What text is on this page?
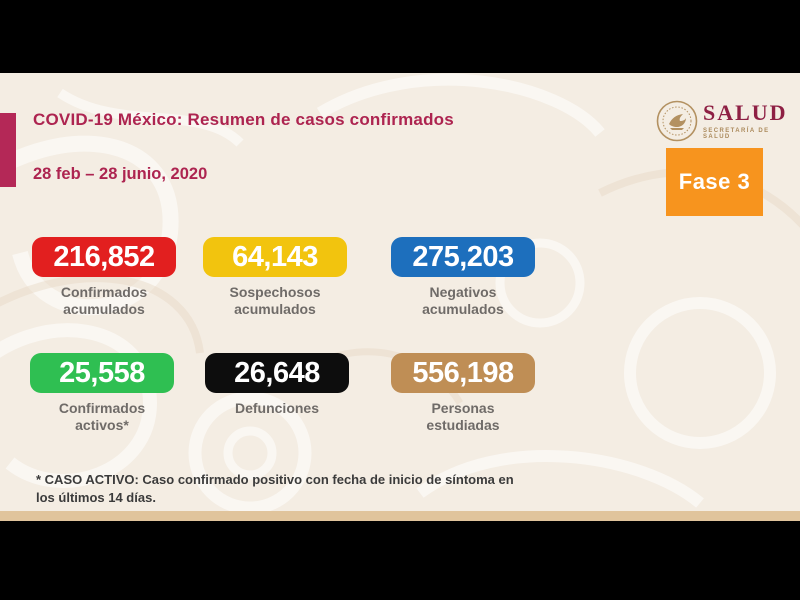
COVID-19 México: Resumen de casos confirmados
28 feb – 28 junio, 2020
SALUD
SECRETARÍA DE SALUD
Fase 3
216,852
Confirmados acumulados
64,143
Sospechosos acumulados
275,203
Negativos acumulados
25,558
Confirmados activos*
26,648
Defunciones
556,198
Personas estudiadas
* CASO ACTIVO: Caso confirmado positivo con fecha de inicio de síntoma en los últimos 14 días.
